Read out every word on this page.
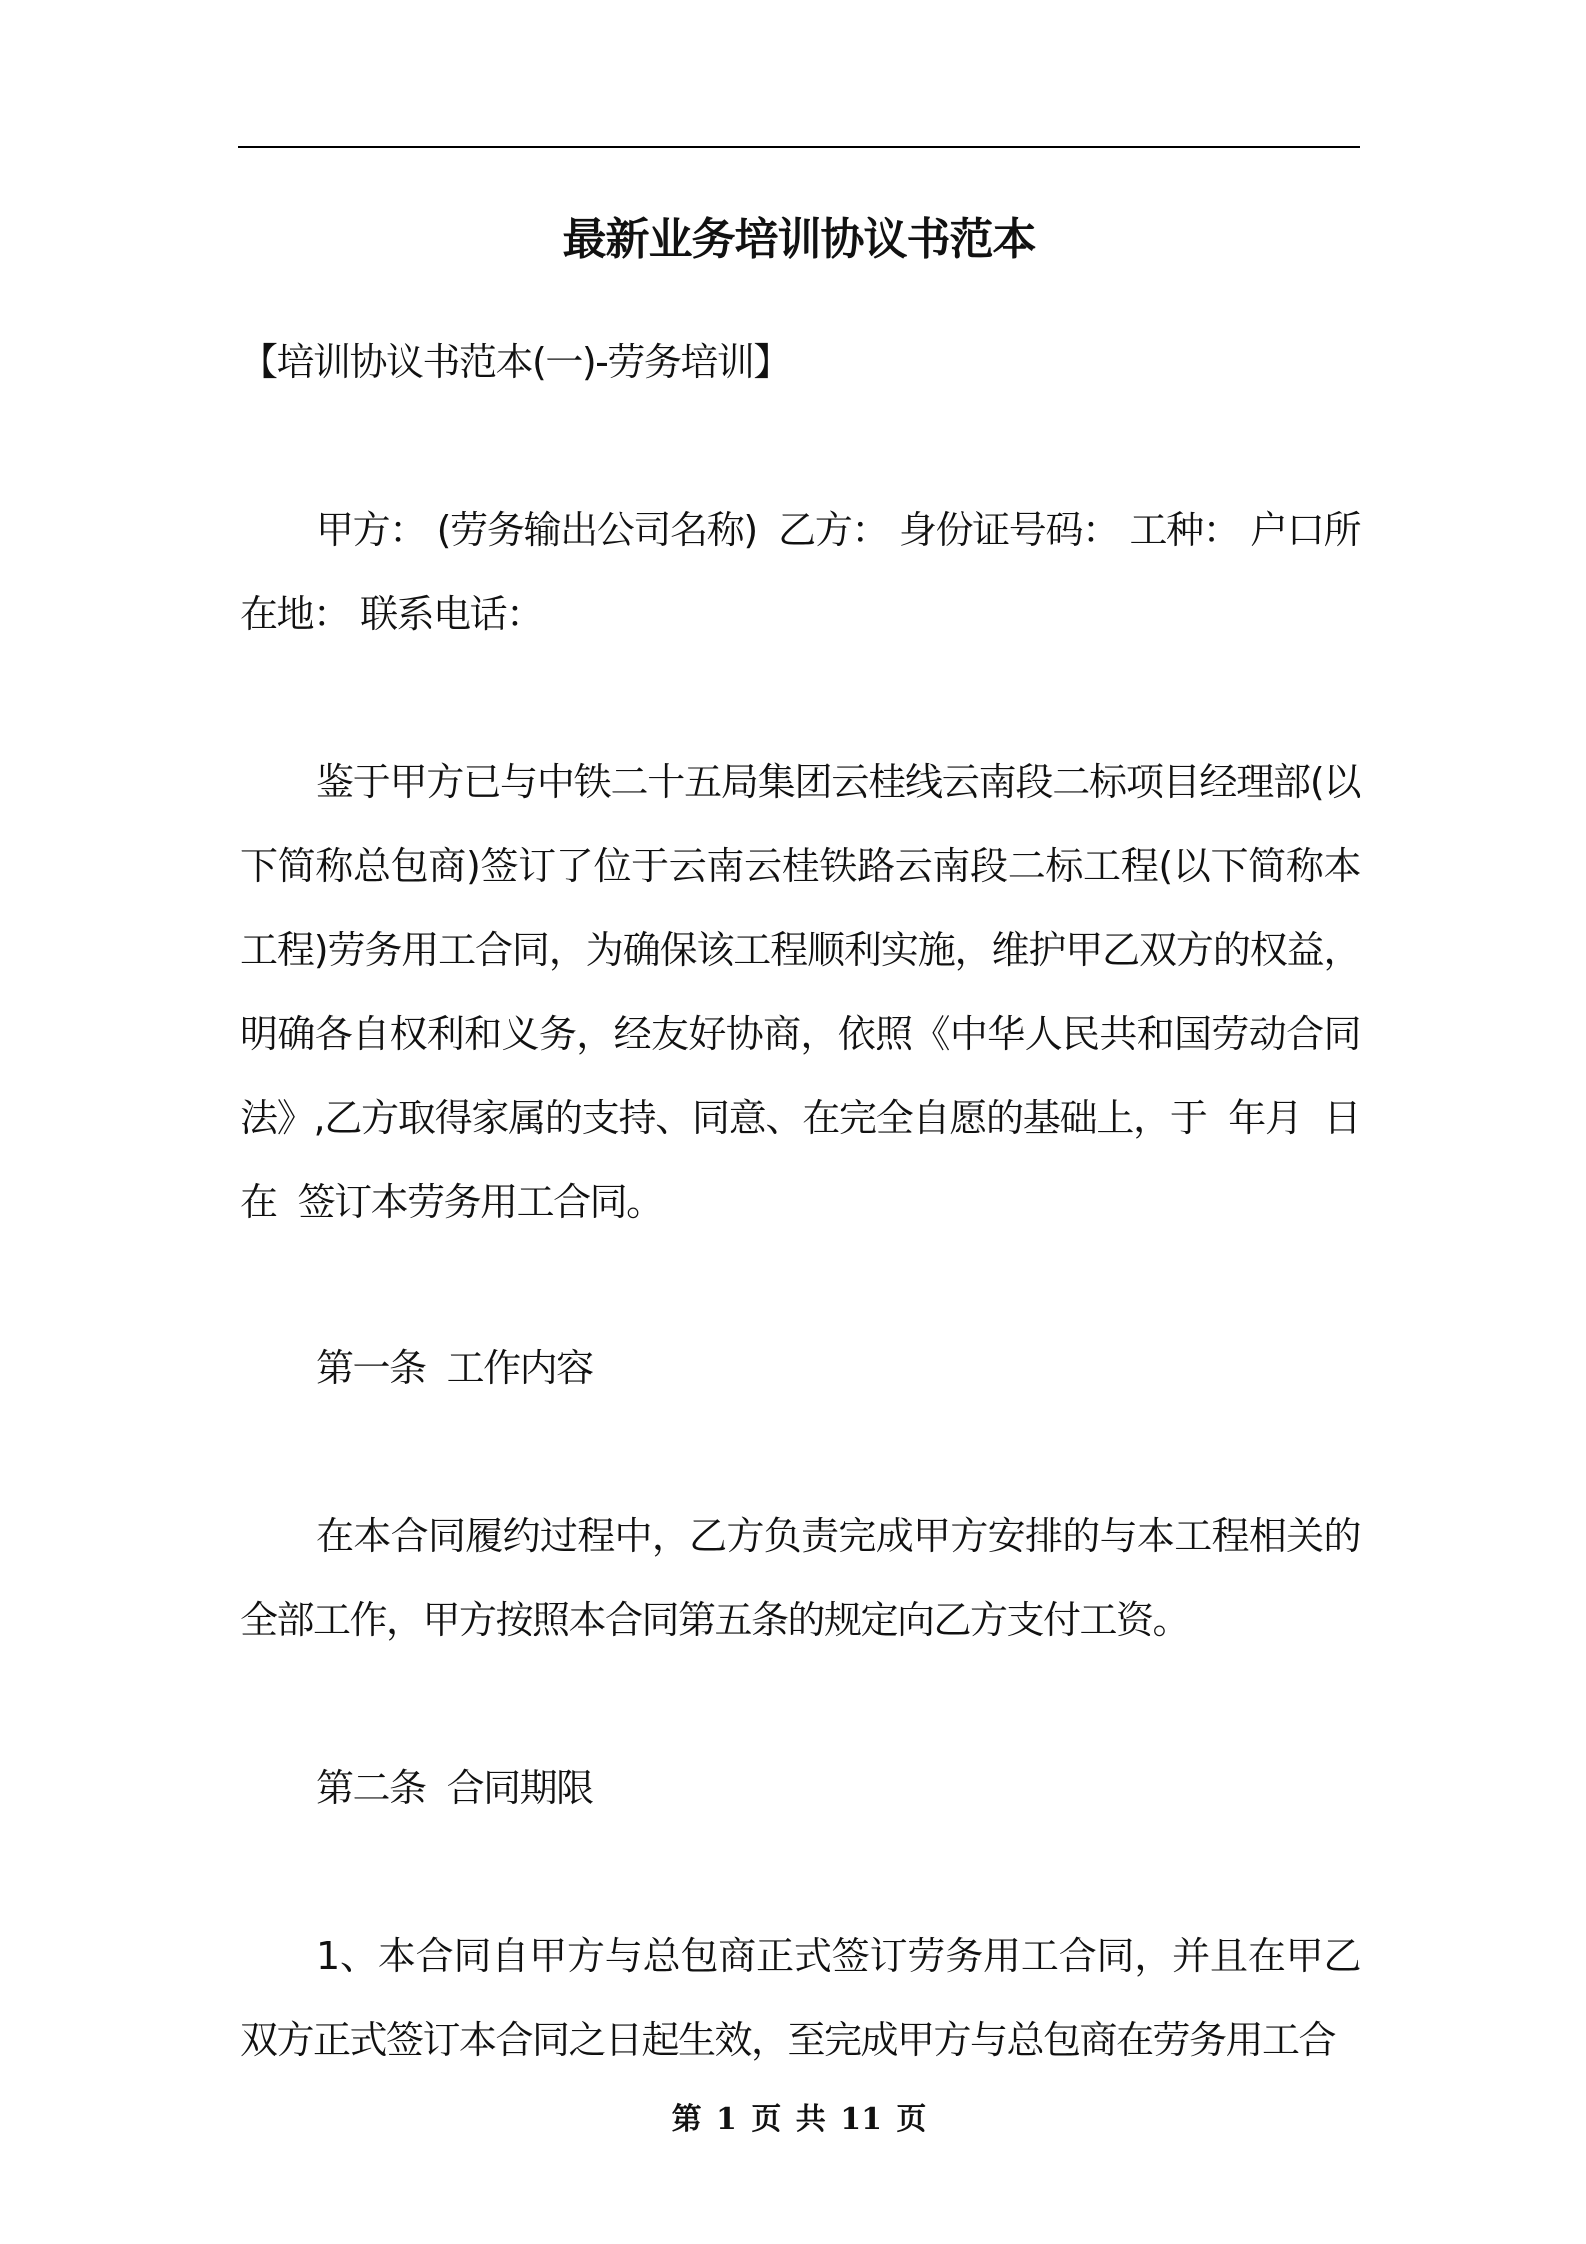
最新业务培训协议书范本
【培训协议书范本(一)-劳务培训】
甲方： (劳务输出公司名称)  乙方： 身份证号码： 工种： 户口所在地： 联系电话：
鉴于甲方已与中铁二十五局集团云桂线云南段二标项目经理部(以下简称总包商)签订了位于云南云桂铁路云南段二标工程(以下简称本工程)劳务用工合同，为确保该工程顺利实施，维护甲乙双方的权益，明确各自权利和义务，经友好协商，依照《中华人民共和国劳动合同法》,乙方取得家属的支持、同意、在完全自愿的基础上，于  年月  日在  签订本劳务用工合同。
第一条  工作内容
在本合同履约过程中，乙方负责完成甲方安排的与本工程相关的全部工作，甲方按照本合同第五条的规定向乙方支付工资。
第二条  合同期限
1、本合同自甲方与总包商正式签订劳务用工合同，并且在甲乙双方正式签订本合同之日起生效，至完成甲方与总包商在劳务用工合
第 1 页 共 11 页
